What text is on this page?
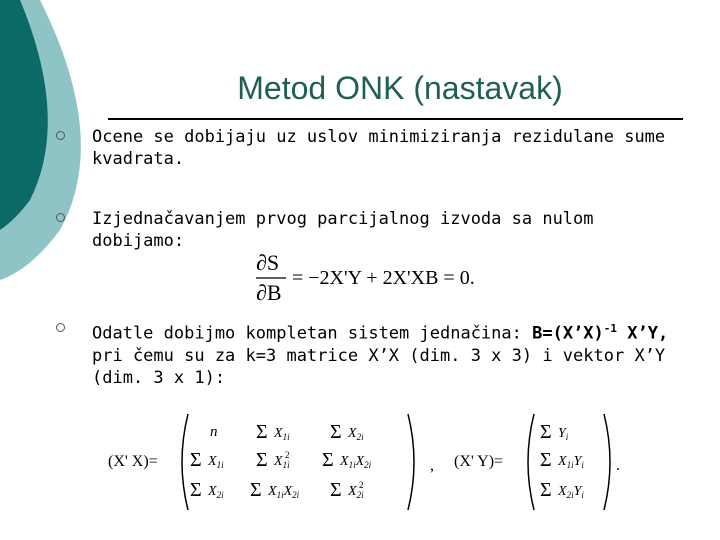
Metod ONK (nastavak)
Ocene se dobijaju uz uslov minimiziranja rezidulane sume kvadrata.
Izjednačavanjem prvog parcijalnog izvoda sa nulom dobijamo:
∂S
∂B
= −2X'Y + 2X'XB = 0.
Odatle dobijmo kompletan sistem jednačina: B=(X’X)$^{-1}$ X’Y, pri čemu su za k=3 matrice X’X (dim. 3 x 3) i vektor X’Y (dim. 3 x 1):
(X' X)=
n Σ $X_{1i}$ Σ $X_{2i}$
Σ $X_{1i}$ Σ $X_{1i}$
2 Σ $X_{1i}X_{2i}$
Σ $X_{2i}$ Σ $X_{1i}X_{2i}$ Σ $X_{2i}$
2
, (X' Y)=
Σ $Y_i$
Σ $X_{1i}Y_i$
Σ $X_{2i}Y_i$
.
